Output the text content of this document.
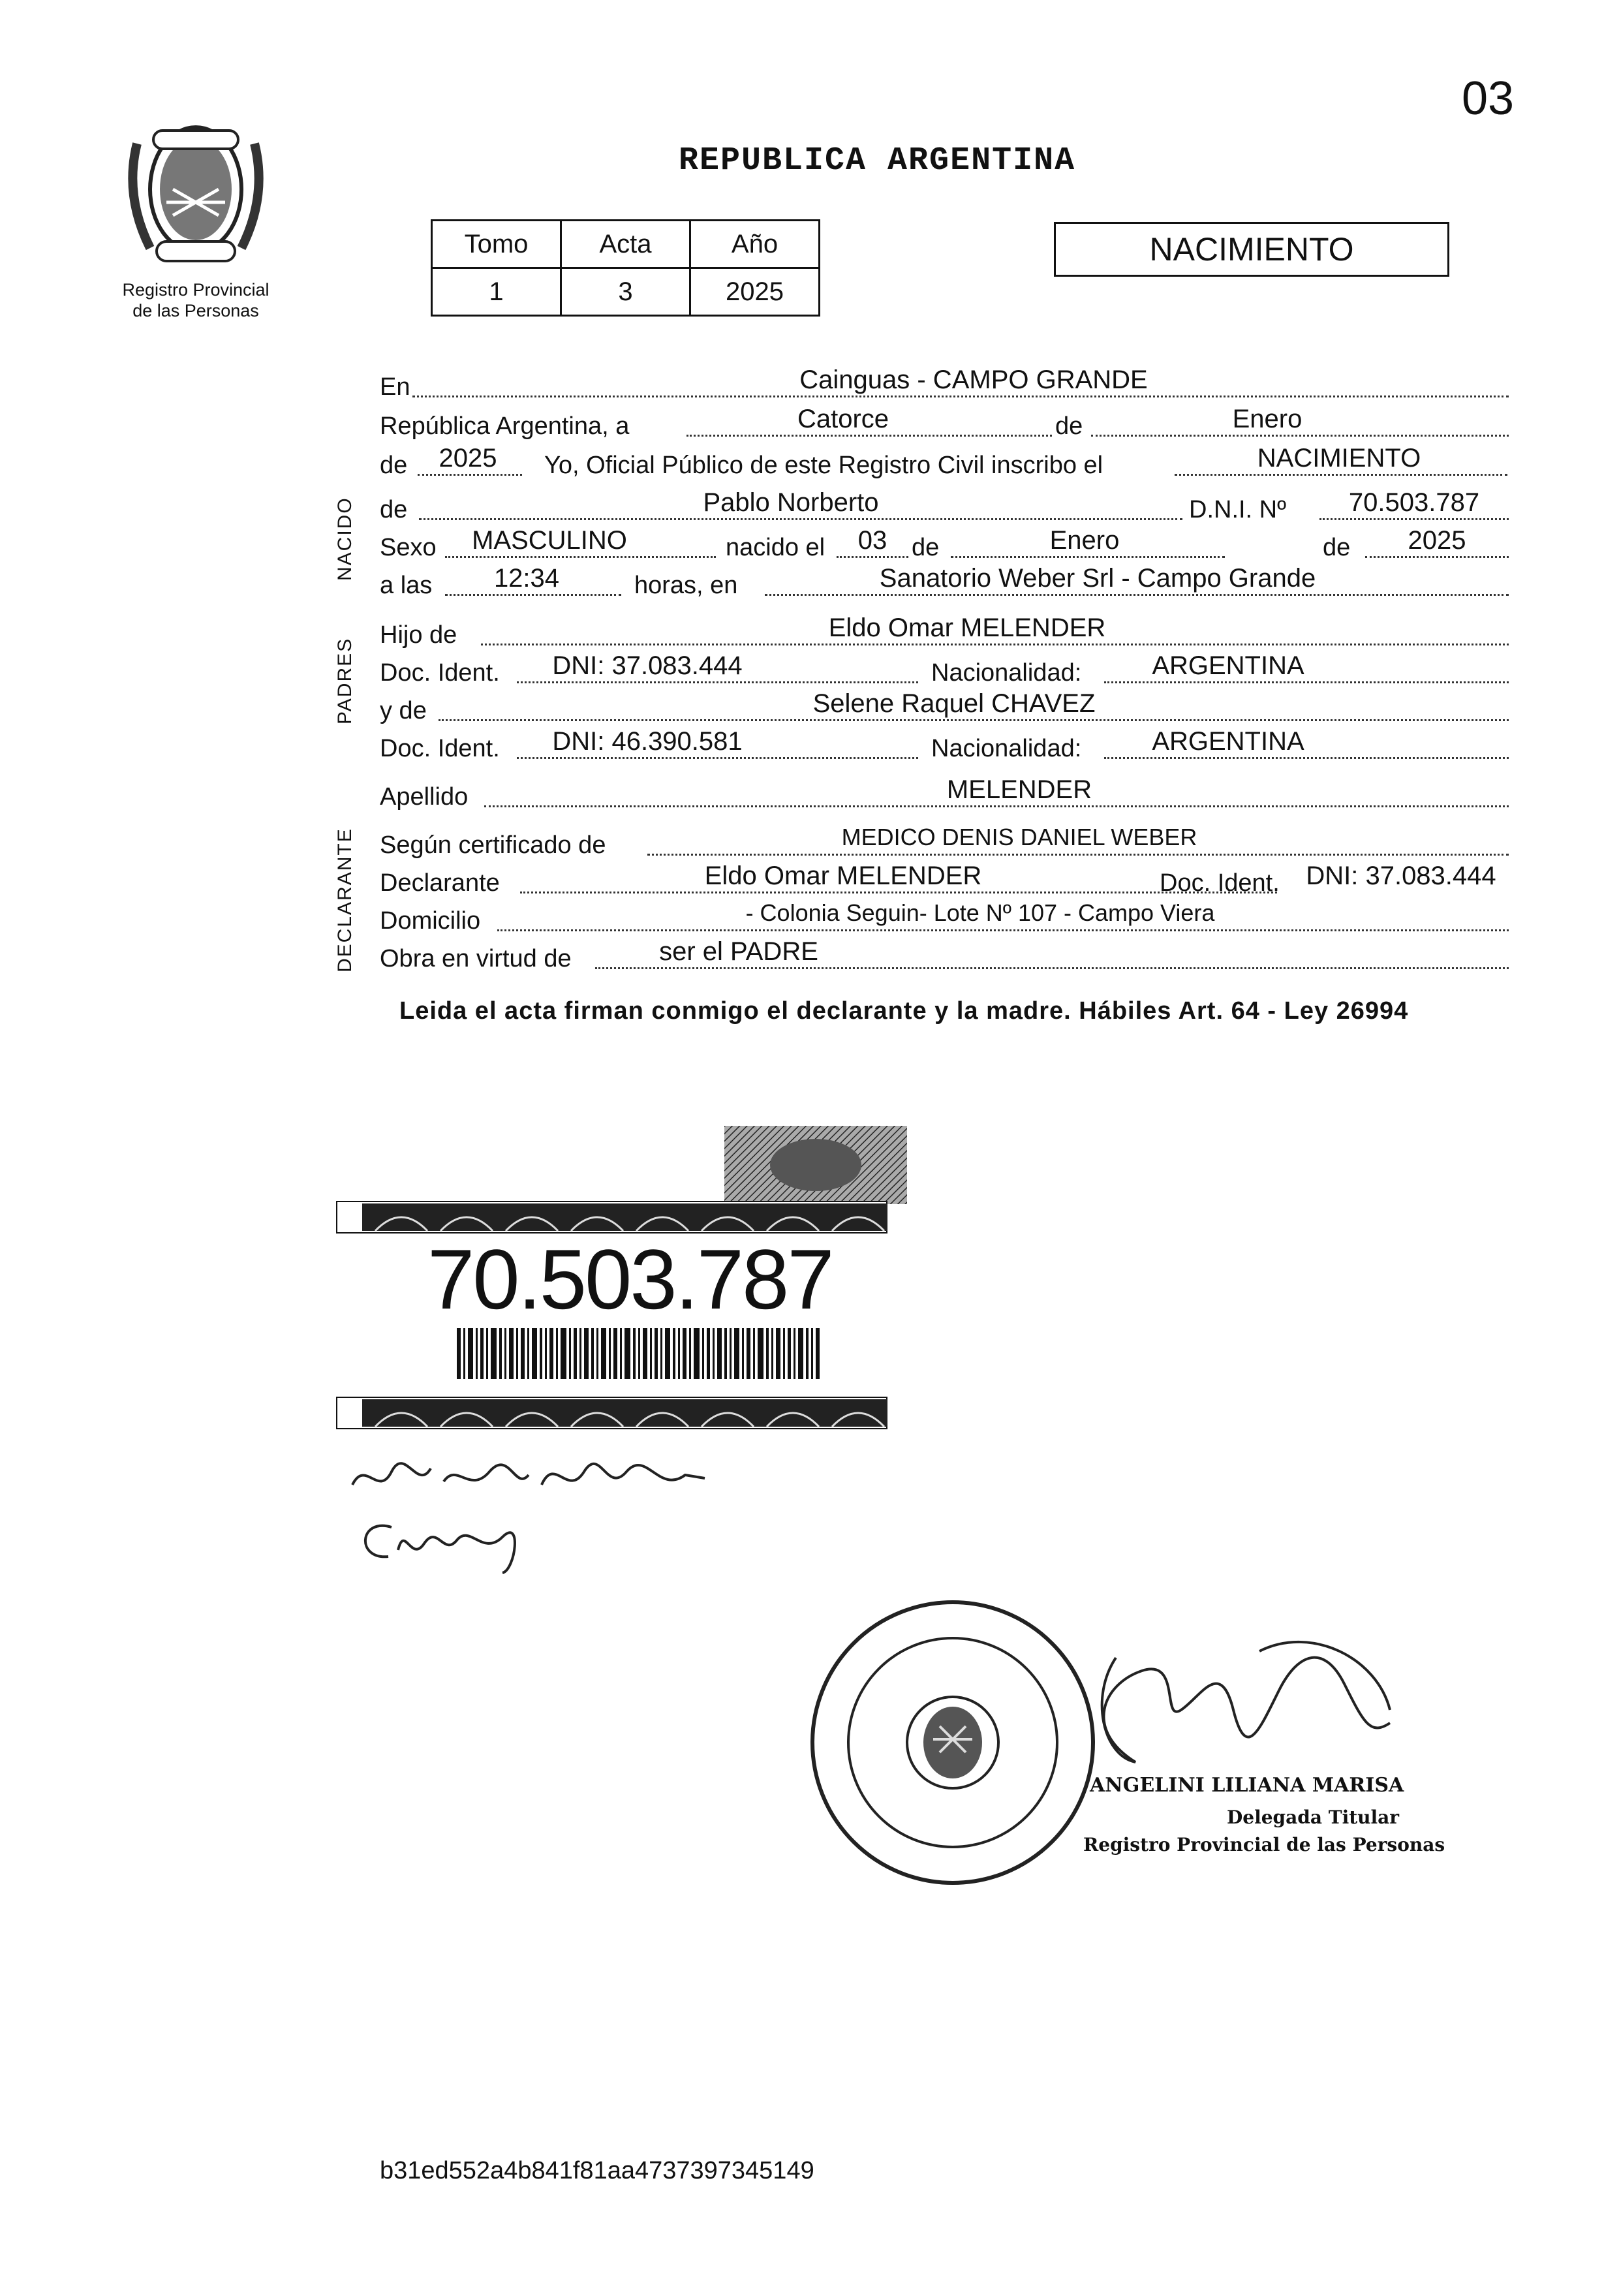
03
Registro Provincial
de las Personas
REPUBLICA ARGENTINA
Tomo	Acta	Año
1	3	2025
NACIMIENTO
NACIDO
PADRES
DECLARANTE
En	Cainguas - CAMPO GRANDE
República Argentina, a	Catorce	de	Enero
de	2025	Yo, Oficial Público de este Registro Civil inscribo el	NACIMIENTO
de	Pablo Norberto	D.N.I. Nº	70.503.787
Sexo	MASCULINO	nacido el	03 de	Enero	de	2025
a las	12:34	horas, en	Sanatorio Weber Srl - Campo Grande
Hijo de	Eldo Omar MELENDER
Doc. Ident.	DNI: 37.083.444	Nacionalidad:	ARGENTINA
y de	Selene Raquel CHAVEZ
Doc. Ident.	DNI: 46.390.581	Nacionalidad:	ARGENTINA
Apellido	MELENDER
Según certificado de	MEDICO DENIS DANIEL WEBER
Declarante	Eldo Omar MELENDER	Doc. Ident.	DNI: 37.083.444
Domicilio	- Colonia Seguin- Lote Nº 107 - Campo Viera
Obra en virtud de	ser el PADRE
Leida el acta firman conmigo el declarante y la madre. Hábiles Art. 64 - Ley 26994
70.503.787
ANGELINI LILIANA MARISA
Delegada Titular
Registro Provincial de las Personas
b31ed552a4b841f81aa4737397345149
